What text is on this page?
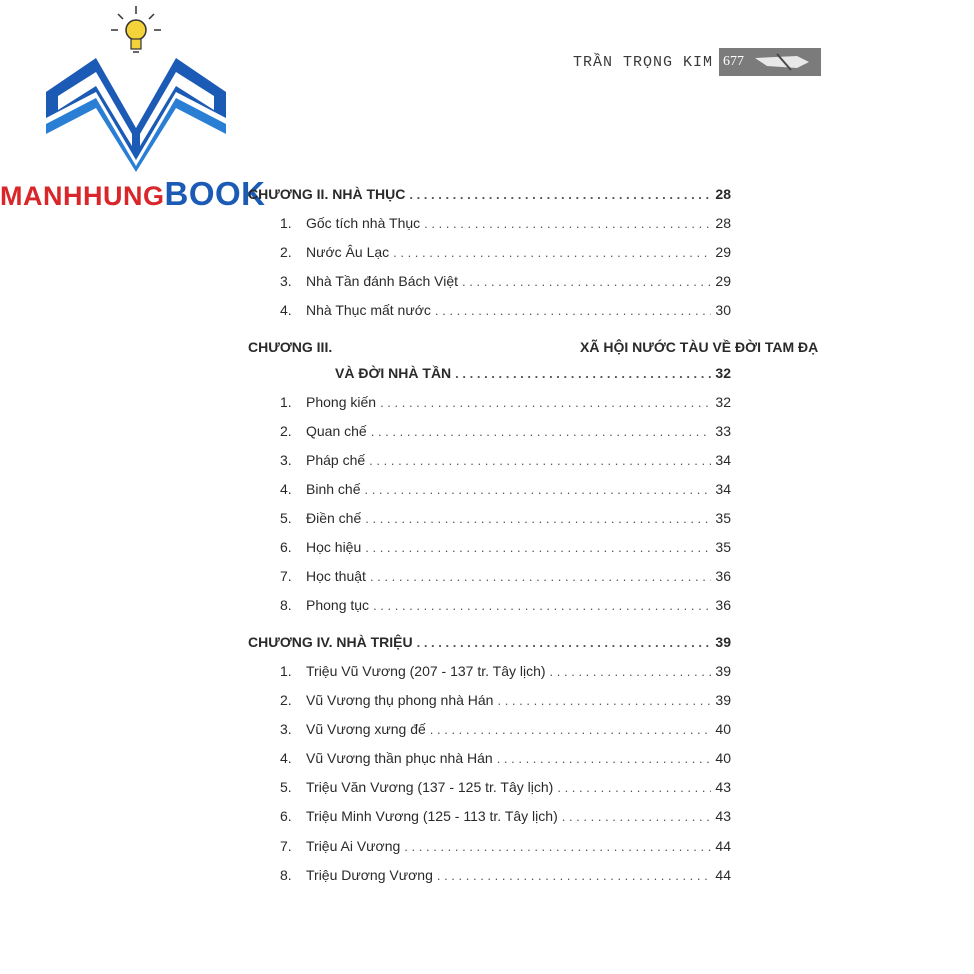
MANHHUNGBOOK
TRẦN TRỌNG KIM 677
CHƯƠNG II. NHÀ THỤC . . .	28
1.	Gốc tích nhà Thục . . .	28
2.	Nước Âu Lạc . . .	29
3.	Nhà Tần đánh Bách Việt . . .	29
4.	Nhà Thục mất nước . . .	30
CHƯƠNG III.	XÃ HỘI NƯỚC TÀU VỀ ĐỜI TAM ĐẠ
VÀ ĐỜI NHÀ TẦN . . .	32
1.	Phong kiến . . .	32
2.	Quan chế . . .	33
3.	Pháp chế . . .	34
4.	Binh chế . . .	34
5.	Điền chế . . .	35
6.	Học hiệu . . .	35
7.	Học thuật . . .	36
8.	Phong tục . . .	36
CHƯƠNG IV. NHÀ TRIỆU . . .	39
1.	Triệu Vũ Vương (207 - 137 tr. Tây lịch) . . .	39
2.	Vũ Vương thụ phong nhà Hán . . .	39
3.	Vũ Vương xưng đế . . .	40
4.	Vũ Vương thần phục nhà Hán . . .	40
5.	Triệu Văn Vương (137 - 125 tr. Tây lịch) . . .	43
6.	Triệu Minh Vương (125 - 113 tr. Tây lịch) . . .	43
7.	Triệu Ai Vương . . .	44
8.	Triệu Dương Vương . . .	44
